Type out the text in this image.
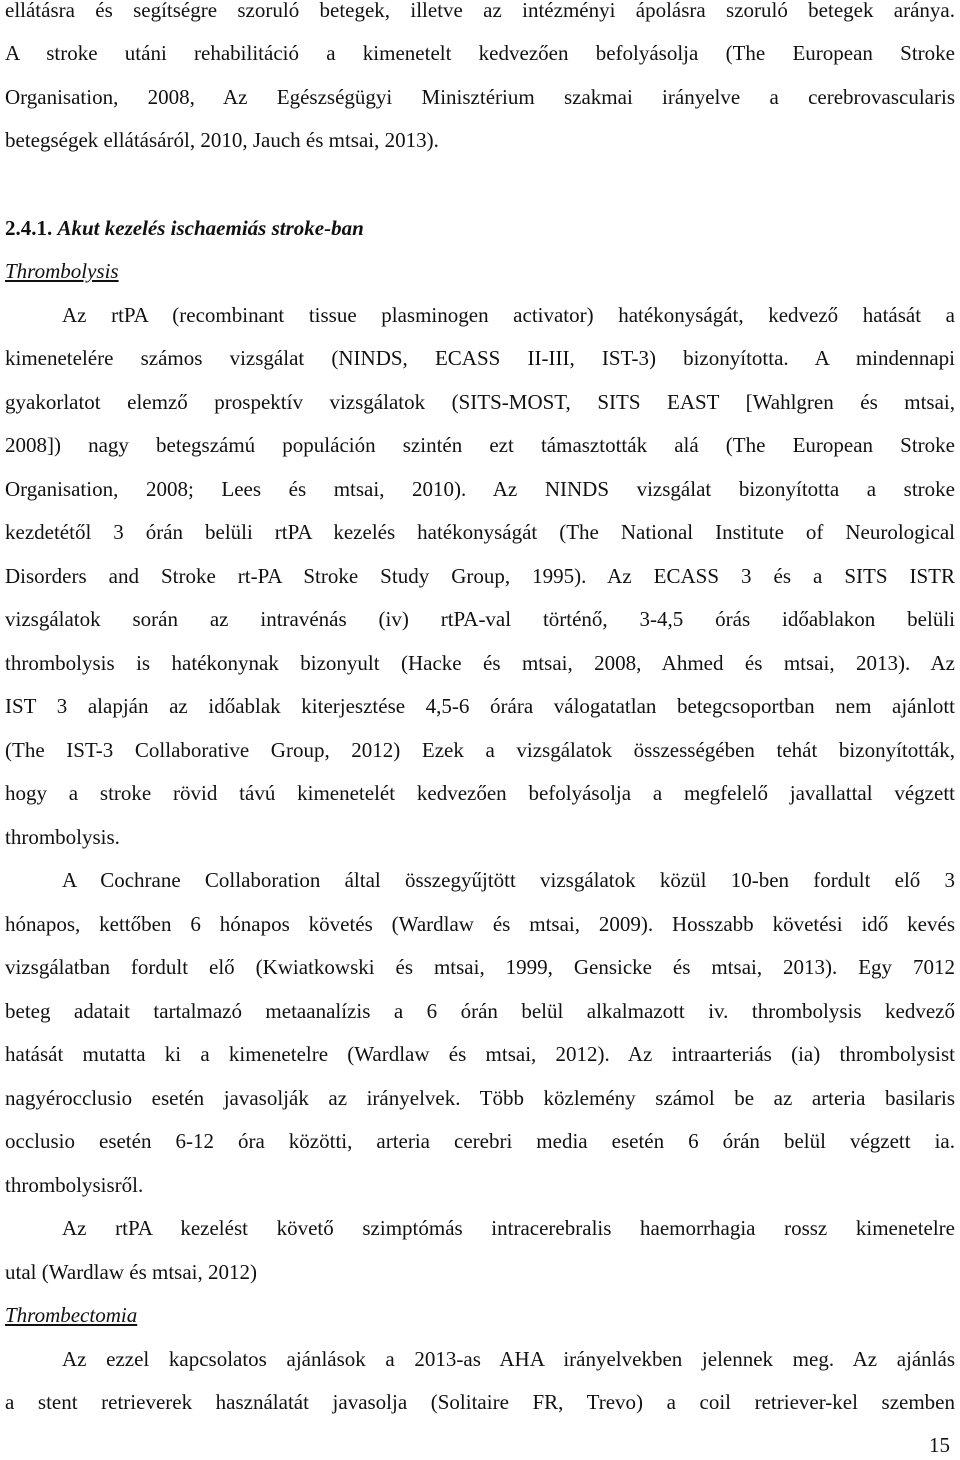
ellátásra és segítségre szoruló betegek, illetve az intézményi ápolásra szoruló betegek aránya.
A stroke utáni rehabilitáció a kimenetelt kedvezően befolyásolja (The European Stroke
Organisation, 2008, Az Egészségügyi Minisztérium szakmai irányelve a cerebrovascularis
betegségek ellátásáról, 2010, Jauch és mtsai, 2013).
2.4.1. Akut kezelés ischaemiás stroke-ban
Thrombolysis
Az rtPA (recombinant tissue plasminogen activator) hatékonyságát, kedvező hatását a
kimenetelére számos vizsgálat (NINDS, ECASS II-III, IST-3) bizonyította. A mindennapi
gyakorlatot elemző prospektív vizsgálatok (SITS-MOST, SITS EAST [Wahlgren és mtsai,
2008]) nagy betegszámú populáción szintén ezt támasztották alá (The European Stroke
Organisation, 2008; Lees és mtsai, 2010). Az NINDS vizsgálat bizonyította a stroke
kezdetétől 3 órán belüli rtPA kezelés hatékonyságát (The National Institute of Neurological
Disorders and Stroke rt-PA Stroke Study Group, 1995). Az ECASS 3 és a SITS ISTR
vizsgálatok során az intravénás (iv) rtPA-val történő, 3-4,5 órás időablakon belüli
thrombolysis is hatékonynak bizonyult (Hacke és mtsai, 2008, Ahmed és mtsai, 2013). Az
IST 3 alapján az időablak kiterjesztése 4,5-6 órára válogatatlan betegcsoportban nem ajánlott
(The IST-3 Collaborative Group, 2012) Ezek a vizsgálatok összességében tehát bizonyították,
hogy a stroke rövid távú kimenetelét kedvezően befolyásolja a megfelelő javallattal végzett
thrombolysis.
A Cochrane Collaboration által összegyűjtött vizsgálatok közül 10-ben fordult elő 3
hónapos, kettőben 6 hónapos követés (Wardlaw és mtsai, 2009). Hosszabb követési idő kevés
vizsgálatban fordult elő (Kwiatkowski és mtsai, 1999, Gensicke és mtsai, 2013). Egy 7012
beteg adatait tartalmazó metaanalízis a 6 órán belül alkalmazott iv. thrombolysis kedvező
hatását mutatta ki a kimenetelre (Wardlaw és mtsai, 2012). Az intraarteriás (ia) thrombolysist
nagyérocclusio esetén javasolják az irányelvek. Több közlemény számol be az arteria basilaris
occlusio esetén 6-12 óra közötti, arteria cerebri media esetén 6 órán belül végzett ia.
thrombolysisről.
Az rtPA kezelést követő szimptómás intracerebralis haemorrhagia rossz kimenetelre
utal (Wardlaw és mtsai, 2012)
Thrombectomia
Az ezzel kapcsolatos ajánlások a 2013-as AHA irányelvekben jelennek meg. Az ajánlás
a stent retrieverek használatát javasolja (Solitaire FR, Trevo) a coil retriever-kel szemben
15
